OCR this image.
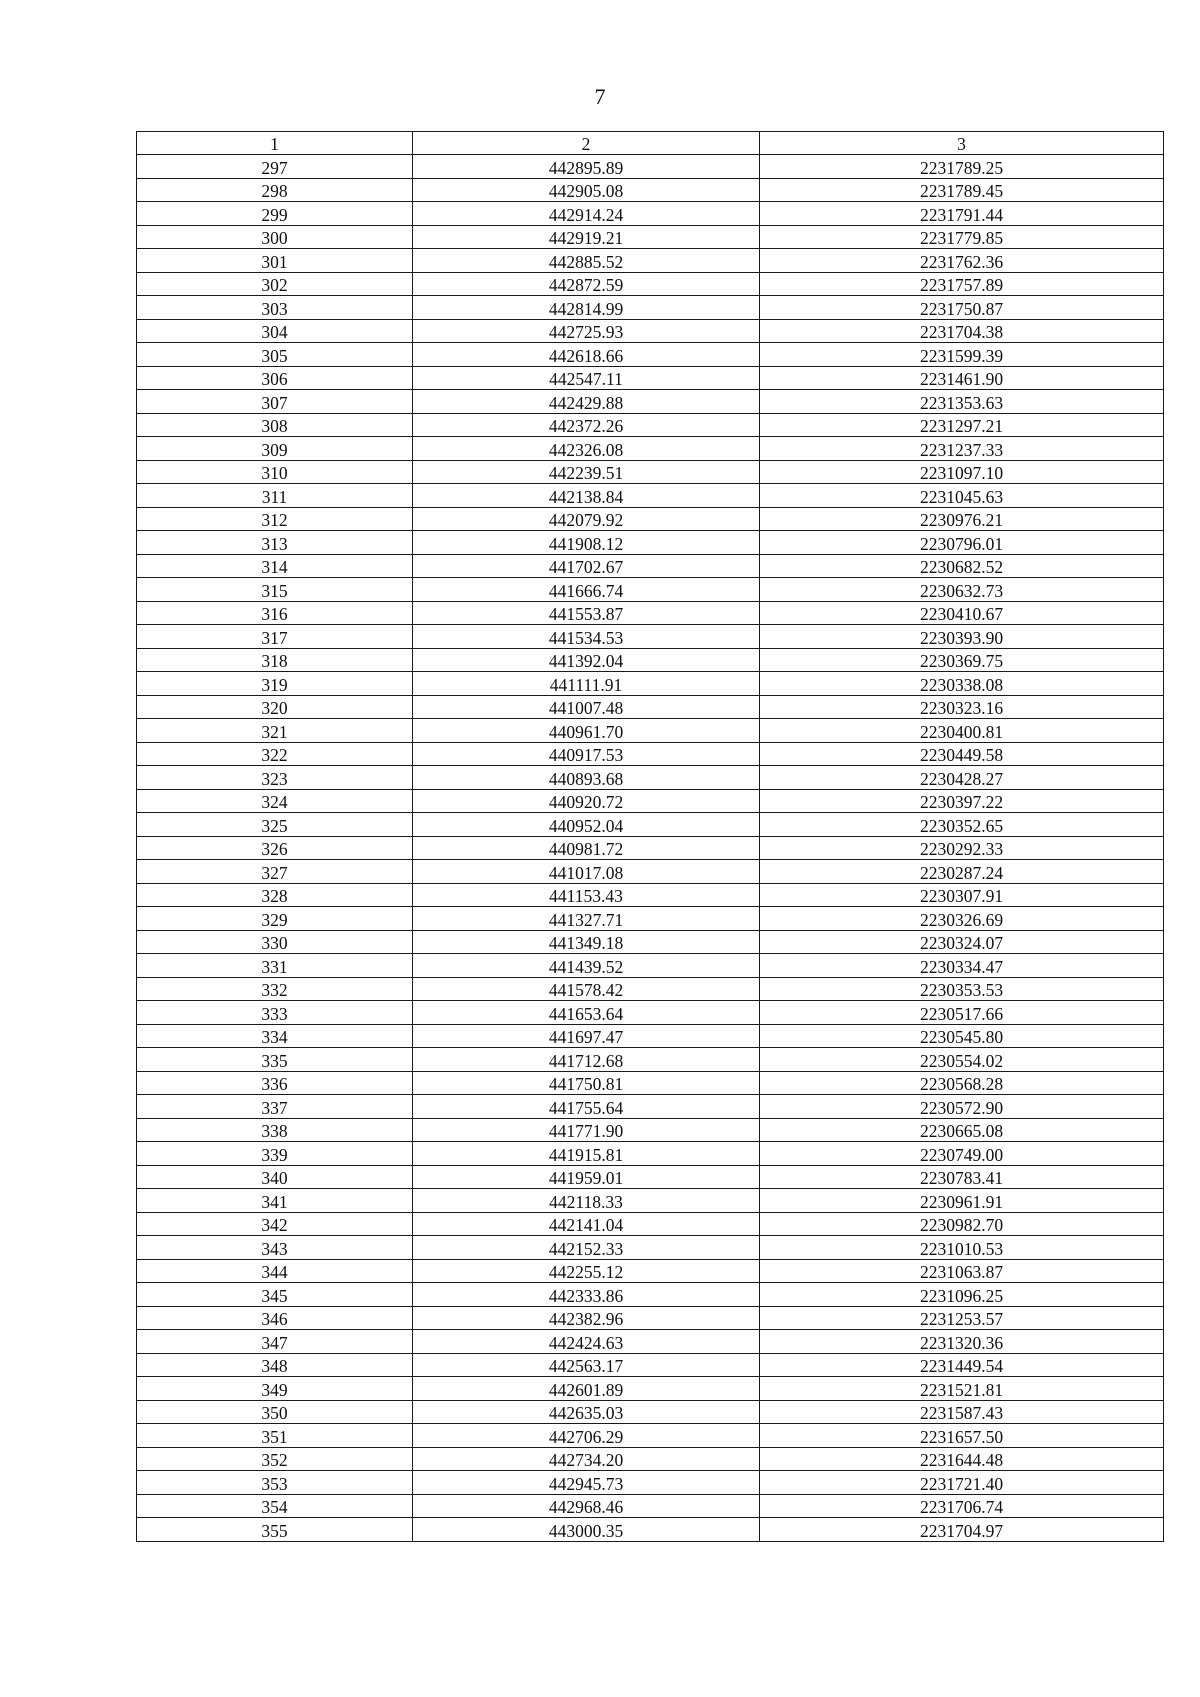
7
1	2	3
297	442895.89	2231789.25
298	442905.08	2231789.45
299	442914.24	2231791.44
300	442919.21	2231779.85
301	442885.52	2231762.36
302	442872.59	2231757.89
303	442814.99	2231750.87
304	442725.93	2231704.38
305	442618.66	2231599.39
306	442547.11	2231461.90
307	442429.88	2231353.63
308	442372.26	2231297.21
309	442326.08	2231237.33
310	442239.51	2231097.10
311	442138.84	2231045.63
312	442079.92	2230976.21
313	441908.12	2230796.01
314	441702.67	2230682.52
315	441666.74	2230632.73
316	441553.87	2230410.67
317	441534.53	2230393.90
318	441392.04	2230369.75
319	441111.91	2230338.08
320	441007.48	2230323.16
321	440961.70	2230400.81
322	440917.53	2230449.58
323	440893.68	2230428.27
324	440920.72	2230397.22
325	440952.04	2230352.65
326	440981.72	2230292.33
327	441017.08	2230287.24
328	441153.43	2230307.91
329	441327.71	2230326.69
330	441349.18	2230324.07
331	441439.52	2230334.47
332	441578.42	2230353.53
333	441653.64	2230517.66
334	441697.47	2230545.80
335	441712.68	2230554.02
336	441750.81	2230568.28
337	441755.64	2230572.90
338	441771.90	2230665.08
339	441915.81	2230749.00
340	441959.01	2230783.41
341	442118.33	2230961.91
342	442141.04	2230982.70
343	442152.33	2231010.53
344	442255.12	2231063.87
345	442333.86	2231096.25
346	442382.96	2231253.57
347	442424.63	2231320.36
348	442563.17	2231449.54
349	442601.89	2231521.81
350	442635.03	2231587.43
351	442706.29	2231657.50
352	442734.20	2231644.48
353	442945.73	2231721.40
354	442968.46	2231706.74
355	443000.35	2231704.97
